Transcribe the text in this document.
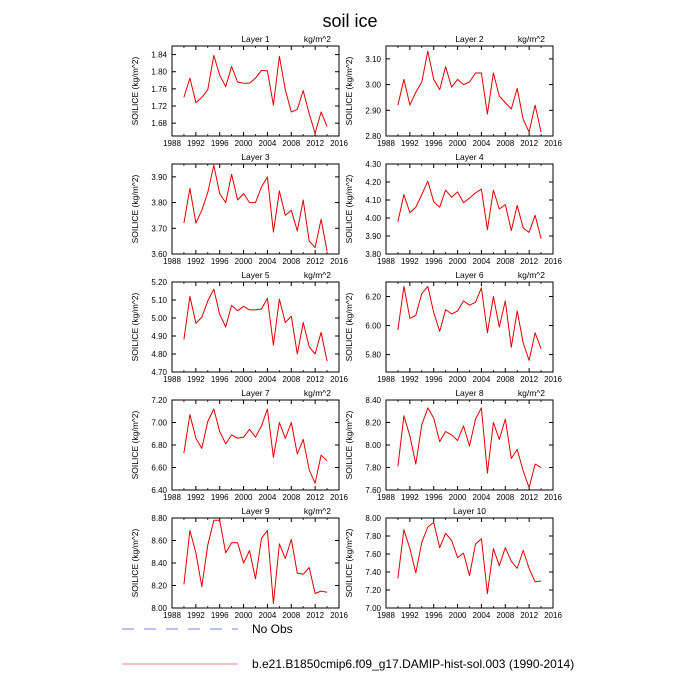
soil ice
Layer 1	kg/m^2
SOILICE (kg/m^2)
1988 1992 1996 2000 2004 2008 2012 2016
1.68
1.72
1.76
1.80
1.84
Layer 2	kg/m^2
SOILICE (kg/m^2)
1988 1992 1996 2000 2004 2008 2012 2016
2.80
2.90
3.00
3.10
Layer 3
SOILICE (kg/m^2)
1988 1992 1996 2000 2004 2008 2012 2016
3.60
3.70
3.80
3.90
Layer 4
SOILICE (kg/m^2)
1988 1992 1996 2000 2004 2008 2012 2016
3.80
3.90
4.00
4.10
4.20
4.30
Layer 5	kg/m^2
SOILICE (kg/m^2)
1988 1992 1996 2000 2004 2008 2012 2016
4.70
4.80
4.90
5.00
5.10
5.20
Layer 6	kg/m^2
SOILICE (kg/m^2)
1988 1992 1996 2000 2004 2008 2012 2016
5.80
6.00
6.20
Layer 7	kg/m^2
SOILICE (kg/m^2)
1988 1992 1996 2000 2004 2008 2012 2016
6.40
6.60
6.80
7.00
7.20
Layer 8	kg/m^2
SOILICE (kg/m^2)
1988 1992 1996 2000 2004 2008 2012 2016
7.60
7.80
8.00
8.20
8.40
Layer 9	kg/m^2
SOILICE (kg/m^2)
1988 1992 1996 2000 2004 2008 2012 2016
8.00
8.20
8.40
8.60
8.80
Layer 10
SOILICE (kg/m^2)
1988 1992 1996 2000 2004 2008 2012 2016
7.00
7.20
7.40
7.60
7.80
8.00
No Obs
b.e21.B1850cmip6.f09_g17.DAMIP-hist-sol.003 (1990-2014)
